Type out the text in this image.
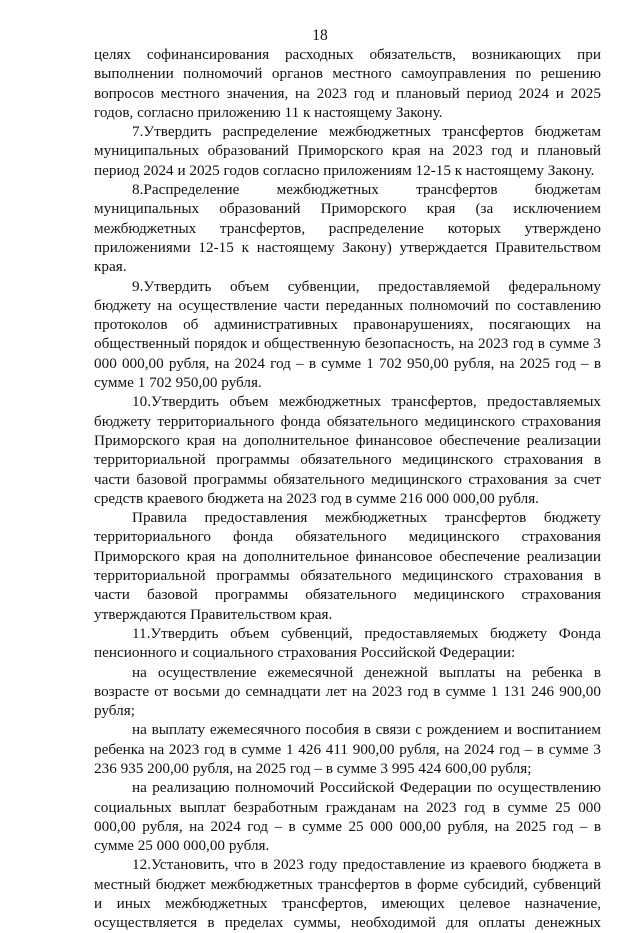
18

целях софинансирования расходных обязательств, возникающих при выполнении полномочий органов местного самоуправления по решению вопросов местного значения, на 2023 год и плановый период 2024 и 2025 годов, согласно приложению 11 к настоящему Закону.

7.Утвердить распределение межбюджетных трансфертов бюджетам муниципальных образований Приморского края на 2023 год и плановый период 2024 и 2025 годов согласно приложениям 12-15 к настоящему Закону.

8.Распределение межбюджетных трансфертов бюджетам муниципальных образований Приморского края (за исключением межбюджетных трансфертов, распределение которых утверждено приложениями 12-15 к настоящему Закону) утверждается Правительством края.

9.Утвердить объем субвенции, предоставляемой федеральному бюджету на осуществление части переданных полномочий по составлению протоколов об административных правонарушениях, посягающих на общественный порядок и общественную безопасность, на 2023 год в сумме 3 000 000,00 рубля, на 2024 год – в сумме 1 702 950,00 рубля, на 2025 год – в сумме 1 702 950,00 рубля.

10.Утвердить объем межбюджетных трансфертов, предоставляемых бюджету территориального фонда обязательного медицинского страхования Приморского края на дополнительное финансовое обеспечение реализации территориальной программы обязательного медицинского страхования в части базовой программы обязательного медицинского страхования за счет средств краевого бюджета на 2023 год в сумме 216 000 000,00 рубля.

Правила предоставления межбюджетных трансфертов бюджету территориального фонда обязательного медицинского страхования Приморского края на дополнительное финансовое обеспечение реализации территориальной программы обязательного медицинского страхования в части базовой программы обязательного медицинского страхования утверждаются Правительством края.

11.Утвердить объем субвенций, предоставляемых бюджету Фонда пенсионного и социального страхования Российской Федерации:

на осуществление ежемесячной денежной выплаты на ребенка в возрасте от восьми до семнадцати лет на 2023 год в сумме 1 131 246 900,00 рубля;

на выплату ежемесячного пособия в связи с рождением и воспитанием ребенка на 2023 год в сумме 1 426 411 900,00 рубля, на 2024 год – в сумме 3 236 935 200,00 рубля, на 2025 год – в сумме 3 995 424 600,00 рубля;

на реализацию полномочий Российской Федерации по осуществлению социальных выплат безработным гражданам на 2023 год в сумме 25 000 000,00 рубля, на 2024 год – в сумме 25 000 000,00 рубля, на 2025 год – в сумме 25 000 000,00 рубля.

12.Установить, что в 2023 году предоставление из краевого бюджета в местный бюджет межбюджетных трансфертов в форме субсидий, субвенций и иных межбюджетных трансфертов, имеющих целевое назначение, осуществляется в пределах суммы, необходимой для оплаты денежных
